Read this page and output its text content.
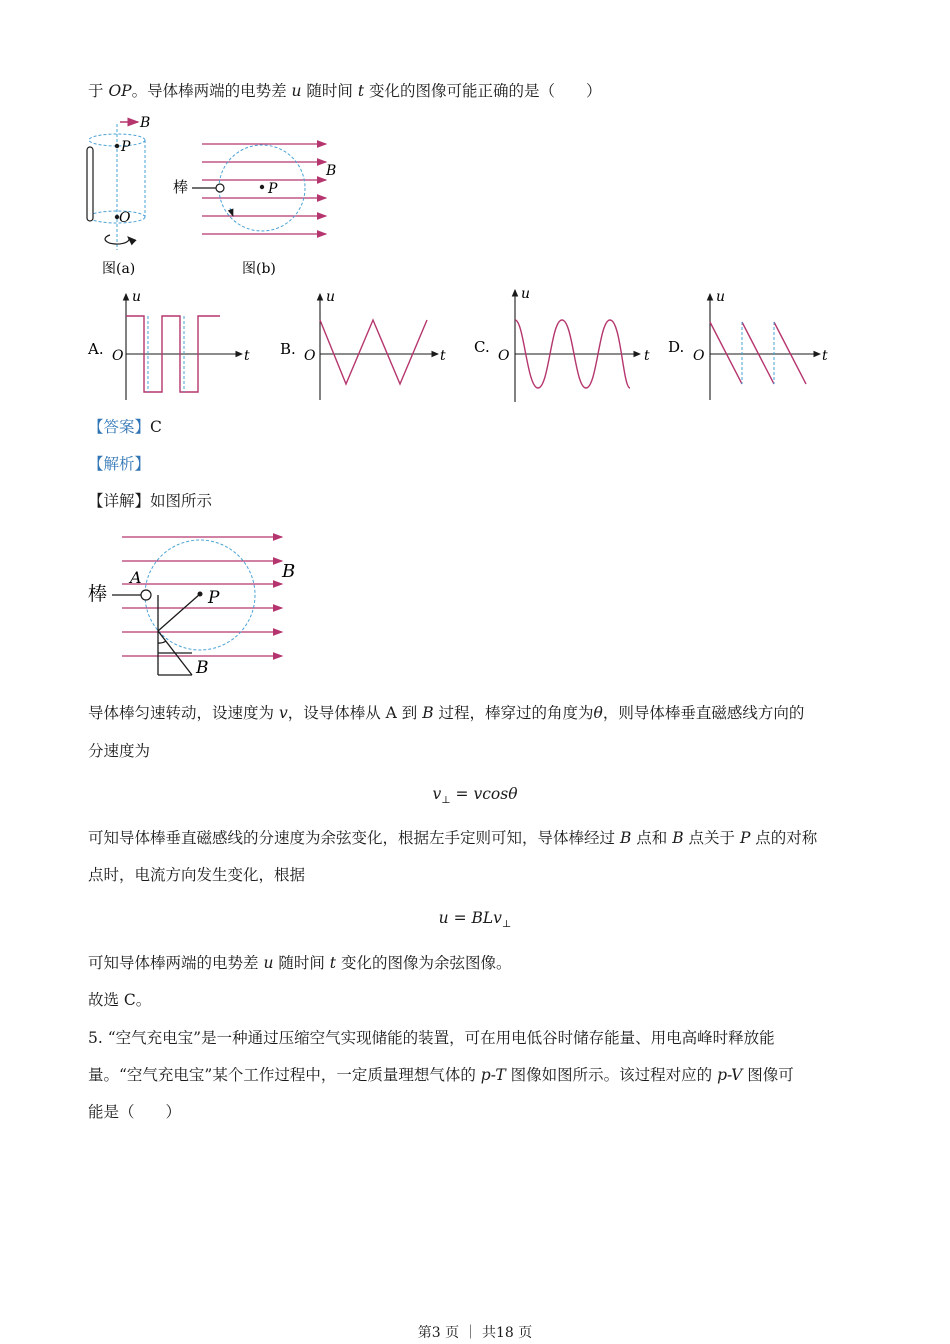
于 OP。导体棒两端的电势差 u 随时间 t 变化的图像可能正确的是（　　）
B
P
O
图(a)
B
棒	P
图(b)
A. O
u
t B. O
u
t C. O
u
t D. O
u
t
【答案】C
【解析】
【详解】如图所示
B
棒
A
P
B
导体棒匀速转动，设速度为 v，设导体棒从 A 到 B 过程，棒穿过的角度为θ，则导体棒垂直磁感线方向的
分速度为
$v_\perp = vcos\theta$
可知导体棒垂直磁感线的分速度为余弦变化，根据左手定则可知，导体棒经过 B 点和 B 点关于 P 点的对称
点时，电流方向发生变化，根据
u = BLv$_\perp$
可知导体棒两端的电势差 u 随时间 t 变化的图像为余弦图像。
故选 C。
5. “空气充电宝”是一种通过压缩空气实现储能的装置，可在用电低谷时储存能量、用电高峰时释放能
量。“空气充电宝”某个工作过程中，一定质量理想气体的 p-T 图像如图所示。该过程对应的 p-V 图像可
能是（　　）
第3 页 ｜ 共18 页
